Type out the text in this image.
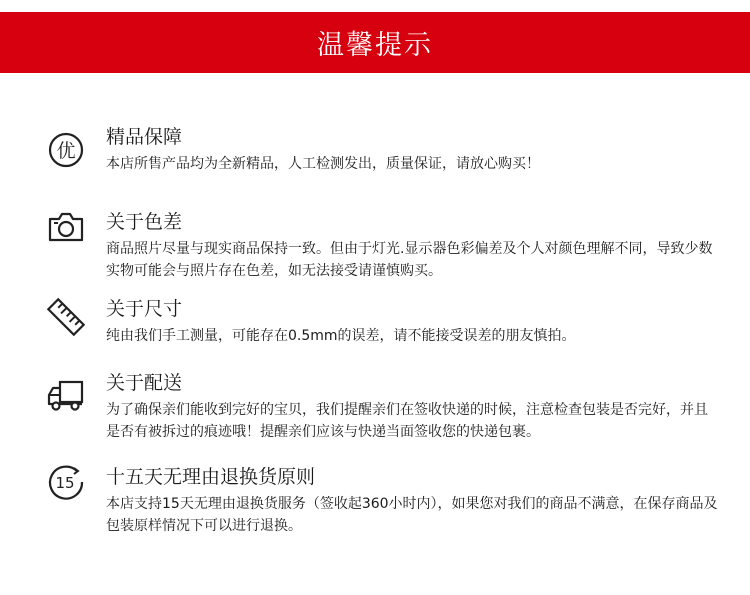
温馨提示
优
精品保障
本店所售产品均为全新精品，人工检测发出，质量保证，请放心购买！
关于色差
商品照片尽量与现实商品保持一致。但由于灯光.显示器色彩偏差及个人对颜色理解不同，导致少数实物可能会与照片存在色差，如无法接受请谨慎购买。
关于尺寸
纯由我们手工测量，可能存在0.5mm的误差，请不能接受误差的朋友慎拍。
关于配送
为了确保亲们能收到完好的宝贝，我们提醒亲们在签收快递的时候，注意检查包装是否完好，并且是否有被拆过的痕迹哦！提醒亲们应该与快递当面签收您的快递包裹。
15 十五天无理由退换货原则
本店支持15天无理由退换货服务（签收起360小时内），如果您对我们的商品不满意，在保存商品及包装原样情况下可以进行退换。
